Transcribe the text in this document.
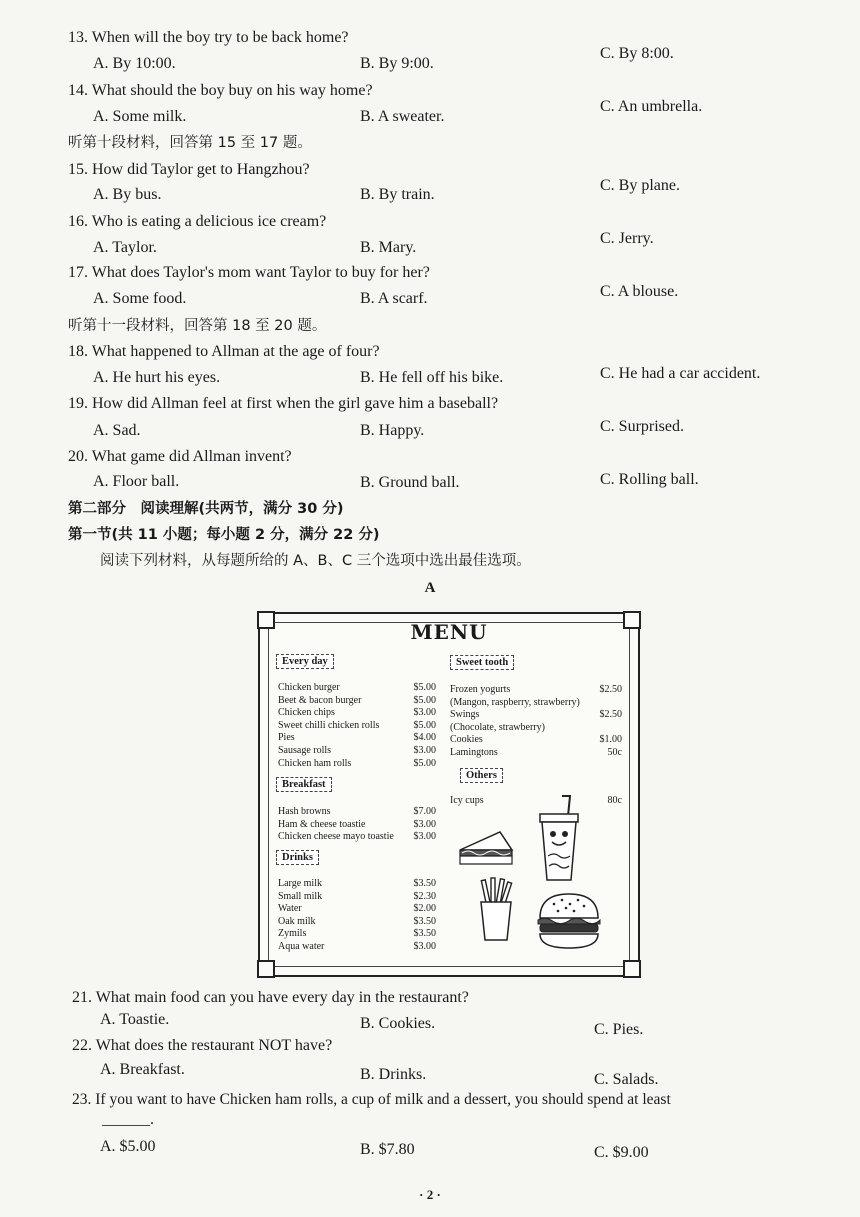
13. When will the boy try to be back home?
A. By 10:00.	B. By 9:00.
C. By 8:00.
14. What should the boy buy on his way home?
A. Some milk.	B. A sweater.
C. An umbrella.
听第十段材料，回答第 15 至 17 题。
15. How did Taylor get to Hangzhou?
A. By bus.	B. By train.
C. By plane.
16. Who is eating a delicious ice cream?
A. Taylor.	B. Mary.
C. Jerry.
17. What does Taylor's mom want Taylor to buy for her?
A. Some food.	B. A scarf.	C. A blouse.
听第十一段材料，回答第 18 至 20 题。
18. What happened to Allman at the age of four?
A. He hurt his eyes.	B. He fell off his bike.	C. He had a car accident.
19. How did Allman feel at first when the girl gave him a baseball?
A. Sad.	B. Happy.	C. Surprised.
20. What game did Allman invent?
A. Floor ball.	B. Ground ball.	C. Rolling ball.
第二部分　阅读理解(共两节，满分 30 分)
第一节(共 11 小题；每小题 2 分，满分 22 分)
阅读下列材料，从每题所给的 A、B、C 三个选项中选出最佳选项。
A
MENU
Every day
Chicken burger	$5.00
Beet & bacon burger	$5.00
Chicken chips	$3.00
Sweet chilli chicken rolls	$5.00
Pies	$4.00
Sausage rolls	$3.00
Chicken ham rolls	$5.00
Breakfast
Hash browns	$7.00
Ham & cheese toastie	$3.00
Chicken cheese mayo toastie	$3.00
Drinks
Large milk	$3.50
Small milk	$2.30
Water	$2.00
Oak milk	$3.50
Zymils	$3.50
Aqua water	$3.00
Sweet tooth
Frozen yogurts	$2.50
(Mangon, raspberry, strawberry)
Swings	$2.50
(Chocolate, strawberry)
Cookies	$1.00
Lamingtons	50c
Others
Icy cups	80c
21. What main food can you have every day in the restaurant?
A. Toastie.	B. Cookies.	C. Pies.
22. What does the restaurant NOT have?
A. Breakfast.	B. Drinks.	C. Salads.
23. If you want to have Chicken ham rolls, a cup of milk and a dessert, you should spend at least
______.
A. $5.00	B. $7.80	C. $9.00
· 2 ·
